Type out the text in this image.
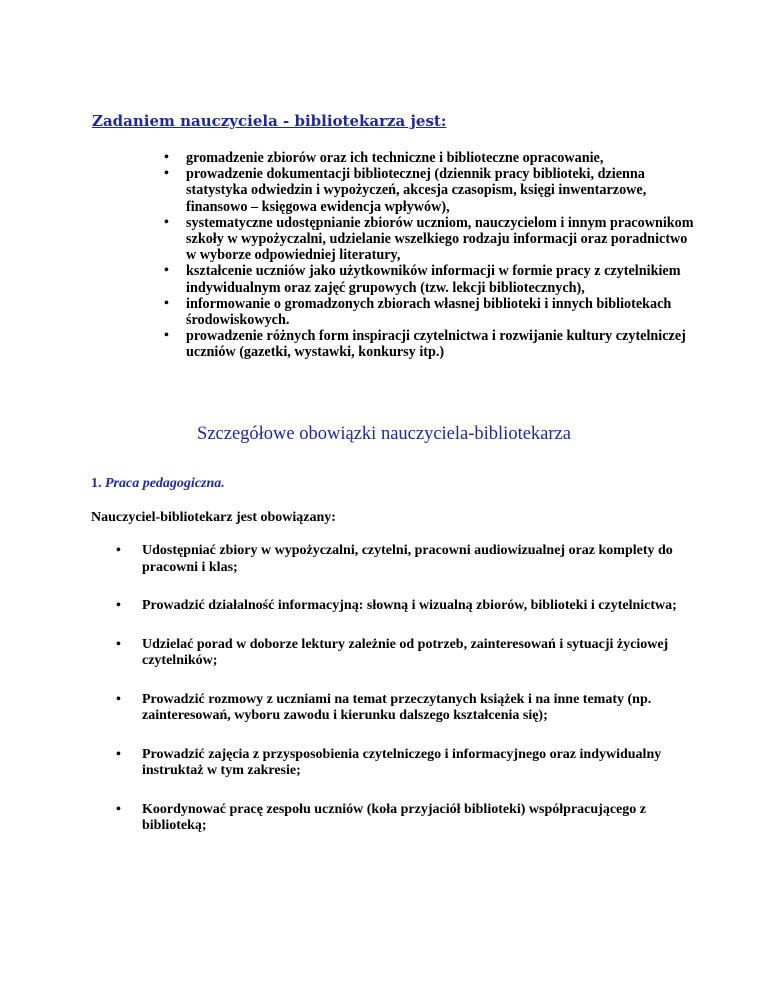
Zadaniem nauczyciela - bibliotekarza jest:
• gromadzenie zbiorów oraz ich techniczne i biblioteczne opracowanie,
• prowadzenie dokumentacji bibliotecznej (dziennik pracy biblioteki, dzienna statystyka odwiedzin i wypożyczeń, akcesja czasopism, księgi inwentarzowe, finansowo – księgowa ewidencja wpływów),
• systematyczne udostępnianie zbiorów uczniom, nauczycielom i innym pracownikom szkoły w wypożyczalni, udzielanie wszelkiego rodzaju informacji oraz poradnictwo w wyborze odpowiedniej literatury,
• kształcenie uczniów jako użytkowników informacji w formie pracy z czytelnikiem indywidualnym oraz zajęć grupowych (tzw. lekcji bibliotecznych),
• informowanie o gromadzonych zbiorach własnej biblioteki i innych bibliotekach środowiskowych.
• prowadzenie różnych form inspiracji czytelnictwa i rozwijanie kultury czytelniczej uczniów (gazetki, wystawki, konkursy itp.)
Szczegółowe obowiązki nauczyciela-bibliotekarza

1. Praca pedagogiczna.

Nauczyciel-bibliotekarz jest obowiązany:

• Udostępniać zbiory w wypożyczalni, czytelni, pracowni audiowizualnej oraz komplety do pracowni i klas;
• Prowadzić działalność informacyjną: słowną i wizualną zbiorów, biblioteki i czytelnictwa;
• Udzielać porad w doborze lektury zależnie od potrzeb, zainteresowań i sytuacji życiowej czytelników;
• Prowadzić rozmowy z uczniami na temat przeczytanych książek i na inne tematy (np. zainteresowań, wyboru zawodu i kierunku dalszego kształcenia się);
• Prowadzić zajęcia z przysposobienia czytelniczego i informacyjnego oraz indywidualny instruktaż w tym zakresie;
• Koordynować pracę zespołu uczniów (koła przyjaciół biblioteki) współpracującego z biblioteką;
